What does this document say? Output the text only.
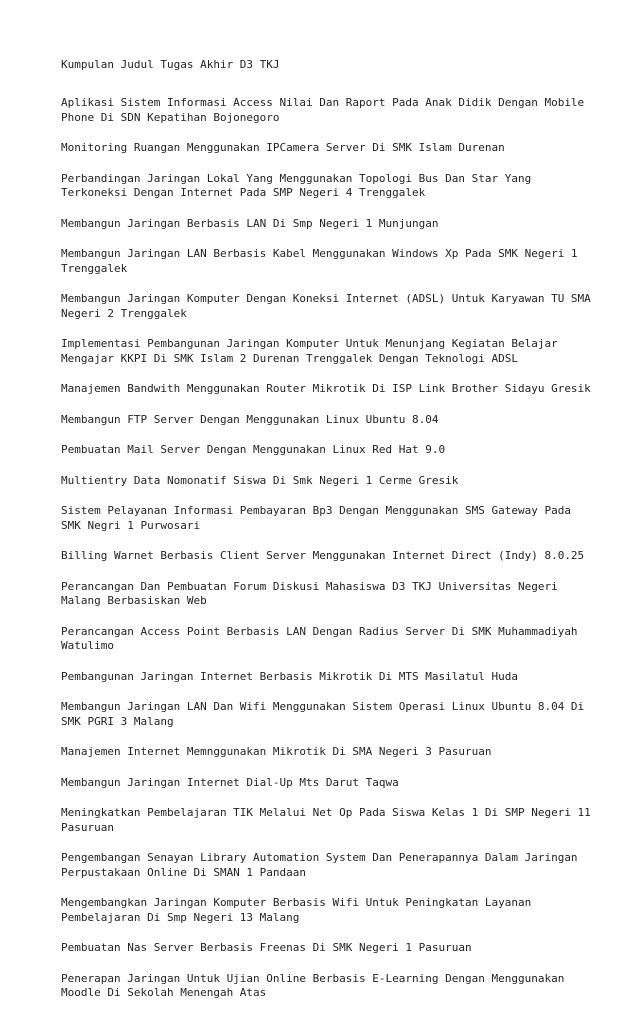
Kumpulan Judul Tugas Akhir D3 TKJ
Aplikasi Sistem Informasi Access Nilai Dan Raport Pada Anak Didik Dengan Mobile
Phone Di SDN Kepatihan Bojonegoro
Monitoring Ruangan Menggunakan IPCamera Server Di SMK Islam Durenan
Perbandingan Jaringan Lokal Yang Menggunakan Topologi Bus Dan Star Yang
Terkoneksi Dengan Internet Pada SMP Negeri 4 Trenggalek
Membangun Jaringan Berbasis LAN Di Smp Negeri 1 Munjungan
Membangun Jaringan LAN Berbasis Kabel Menggunakan Windows Xp Pada SMK Negeri 1
Trenggalek
Membangun Jaringan Komputer Dengan Koneksi Internet (ADSL) Untuk Karyawan TU SMA
Negeri 2 Trenggalek
Implementasi Pembangunan Jaringan Komputer Untuk Menunjang Kegiatan Belajar
Mengajar KKPI Di SMK Islam 2 Durenan Trenggalek Dengan Teknologi ADSL
Manajemen Bandwith Menggunakan Router Mikrotik Di ISP Link Brother Sidayu Gresik
Membangun FTP Server Dengan Menggunakan Linux Ubuntu 8.04
Pembuatan Mail Server Dengan Menggunakan Linux Red Hat 9.0
Multientry Data Nomonatif Siswa Di Smk Negeri 1 Cerme Gresik
Sistem Pelayanan Informasi Pembayaran Bp3 Dengan Menggunakan SMS Gateway Pada
SMK Negri 1 Purwosari
Billing Warnet Berbasis Client Server Menggunakan Internet Direct (Indy) 8.0.25
Perancangan Dan Pembuatan Forum Diskusi Mahasiswa D3 TKJ Universitas Negeri
Malang Berbasiskan Web
Perancangan Access Point Berbasis LAN Dengan Radius Server Di SMK Muhammadiyah
Watulimo
Pembangunan Jaringan Internet Berbasis Mikrotik Di MTS Masilatul Huda
Membangun Jaringan LAN Dan Wifi Menggunakan Sistem Operasi Linux Ubuntu 8.04 Di
SMK PGRI 3 Malang
Manajemen Internet Memnggunakan Mikrotik Di SMA Negeri 3 Pasuruan
Membangun Jaringan Internet Dial-Up Mts Darut Taqwa
Meningkatkan Pembelajaran TIK Melalui Net Op Pada Siswa Kelas 1 Di SMP Negeri 11
Pasuruan
Pengembangan Senayan Library Automation System Dan Penerapannya Dalam Jaringan
Perpustakaan Online Di SMAN 1 Pandaan
Mengembangkan Jaringan Komputer Berbasis Wifi Untuk Peningkatan Layanan
Pembelajaran Di Smp Negeri 13 Malang
Pembuatan Nas Server Berbasis Freenas Di SMK Negeri 1 Pasuruan
Penerapan Jaringan Untuk Ujian Online Berbasis E-Learning Dengan Menggunakan
Moodle Di Sekolah Menengah Atas
